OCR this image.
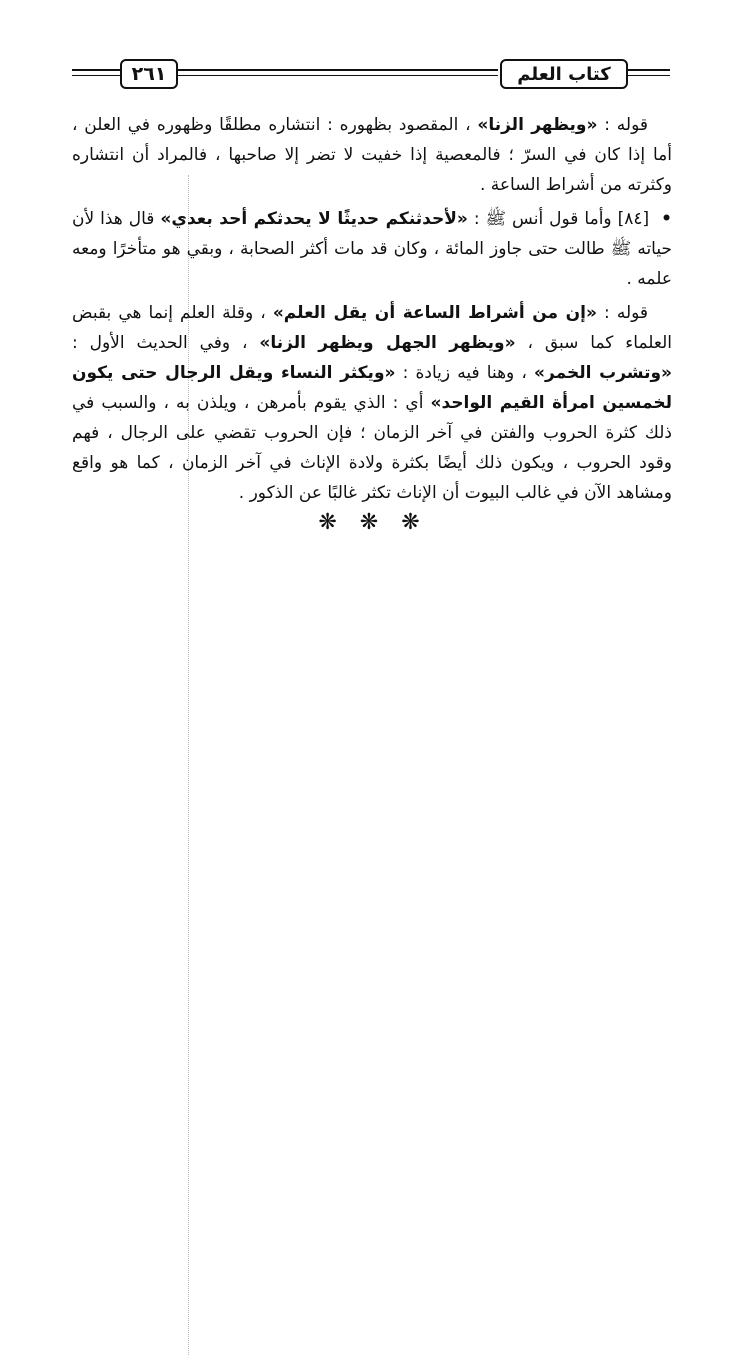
٢٦١	كتاب العلم

قوله : «ويظهر الزنا» ، المقصود بظهوره : انتشاره مطلقًا وظهوره في العلن ، أما إذا كان في السرّ ؛ فالمعصية إذا خفيت لا تضر إلا صاحبها ، فالمراد أن انتشاره وكثرته من أشراط الساعة .

• [٨٤] وأما قول أنس ﷺ : «لأحدثنكم حديثًا لا يحدثكم أحد بعدي» قال هذا لأن حياته ﷺ طالت حتى جاوز المائة ، وكان قد مات أكثر الصحابة ، وبقي هو متأخرًا ومعه علمه .

قوله : «إن من أشراط الساعة أن يقل العلم» ، وقلة العلم إنما هي بقبض العلماء كما سبق ، «ويظهر الجهل ويظهر الزنا» ، وفي الحديث الأول : «وتشرب الخمر» ، وهنا فيه زيادة : «ويكثر النساء ويقل الرجال حتى يكون لخمسين امرأة القيم الواحد» أي : الذي يقوم بأمرهن ، ويلذن به ، والسبب في ذلك كثرة الحروب والفتن في آخر الزمان ؛ فإن الحروب تقضي على الرجال ، فهم وقود الحروب ، ويكون ذلك أيضًا بكثرة ولادة الإناث في آخر الزمان ، كما هو واقع ومشاهد الآن في غالب البيوت أن الإناث تكثر غالبًا عن الذكور .

❋ ❋ ❋
